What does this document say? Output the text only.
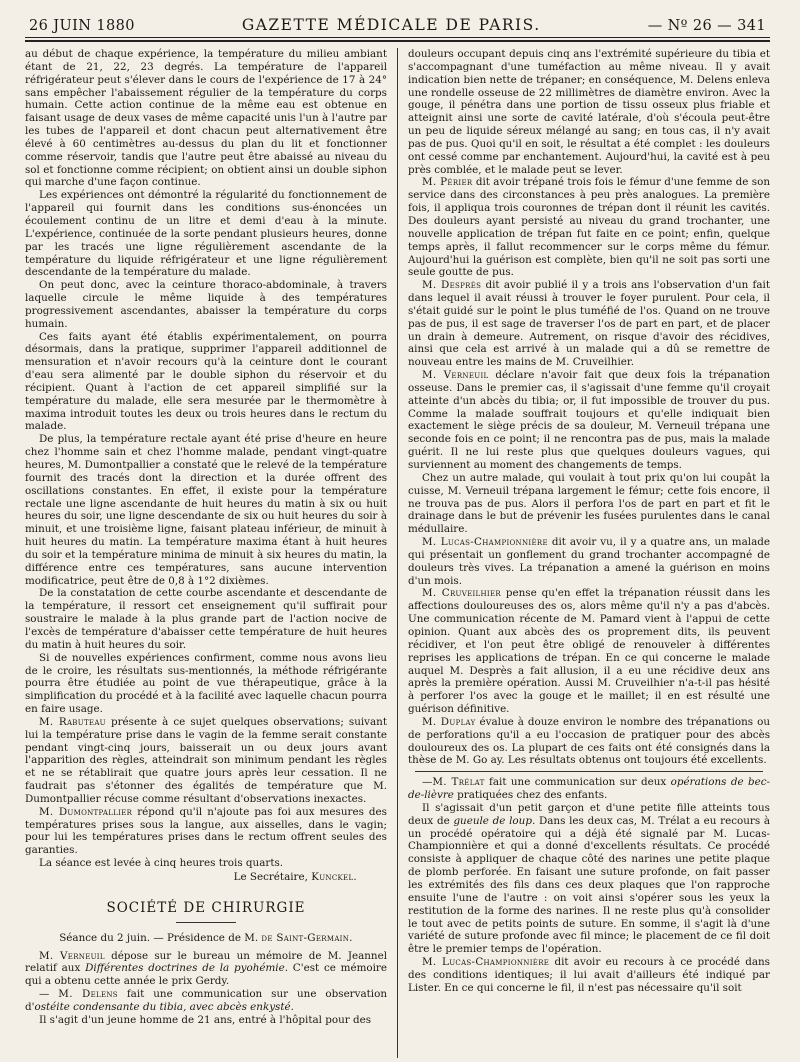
26 JUIN 1880	GAZETTE MÉDICALE DE PARIS.	— Nº 26 — 341

au début de chaque expérience, la température du milieu ambiant étant de 21, 22, 23 degrés. La température de l'appareil réfrigérateur peut s'élever dans le cours de l'expérience de 17 à 24° sans empêcher l'abaissement régulier de la température du corps humain. Cette action continue de la même eau est obtenue en faisant usage de deux vases de même capacité unis l'un à l'autre par les tubes de l'appareil et dont chacun peut alternativement être élevé à 60 centimètres au-dessus du plan du lit et fonctionner comme réservoir, tandis que l'autre peut être abaissé au niveau du sol et fonctionne comme récipient; on obtient ainsi un double siphon qui marche d'une façon continue.

Les expériences ont démontré la régularité du fonctionnement de l'appareil qui fournit dans les conditions sus-énoncées un écoulement continu de un litre et demi d'eau à la minute. L'expérience, continuée de la sorte pendant plusieurs heures, donne par les tracés une ligne régulièrement ascendante de la température du liquide réfrigérateur et une ligne régulièrement descendante de la température du malade.

On peut donc, avec la ceinture thoraco-abdominale, à travers laquelle circule le même liquide à des températures progressivement ascendantes, abaisser la température du corps humain.

Ces faits ayant été établis expérimentalement, on pourra désormais, dans la pratique, supprimer l'appareil additionnel de mensuration et n'avoir recours qu'à la ceinture dont le courant d'eau sera alimenté par le double siphon du réservoir et du récipient. Quant à l'action de cet appareil simplifié sur la température du malade, elle sera mesurée par le thermomètre à maxima introduit toutes les deux ou trois heures dans le rectum du malade.

De plus, la température rectale ayant été prise d'heure en heure chez l'homme sain et chez l'homme malade, pendant vingt-quatre heures, M. Dumontpallier a constaté que le relevé de la température fournit des tracés dont la direction et la durée offrent des oscillations constantes. En effet, il existe pour la température rectale une ligne ascendante de huit heures du matin à six ou huit heures du soir, une ligne descendante de six ou huit heures du soir à minuit, et une troisième ligne, faisant plateau inférieur, de minuit à huit heures du matin. La température maxima étant à huit heures du soir et la température minima de minuit à six heures du matin, la différence entre ces températures, sans aucune intervention modificatrice, peut être de 0,8 à 1°2 dixièmes.

De la constatation de cette courbe ascendante et descendante de la température, il ressort cet enseignement qu'il suffirait pour soustraire le malade à la plus grande part de l'action nocive de l'excès de température d'abaisser cette température de huit heures du matin à huit heures du soir.

Si de nouvelles expériences confirment, comme nous avons lieu de le croire, les résultats sus-mentionnés, la méthode réfrigérante pourra être étudiée au point de vue thérapeutique, grâce à la simplification du procédé et à la facilité avec laquelle chacun pourra en faire usage.

M. Rabuteau présente à ce sujet quelques observations; suivant lui la température prise dans le vagin de la femme serait constante pendant vingt-cinq jours, baisserait un ou deux jours avant l'apparition des règles, atteindrait son minimum pendant les règles et ne se rétablirait que quatre jours après leur cessation. Il ne faudrait pas s'étonner des égalités de température que M. Dumontpallier récuse comme résultant d'observations inexactes.

M. Dumontpallier répond qu'il n'ajoute pas foi aux mesures des températures prises sous la langue, aux aisselles, dans le vagin; pour lui les températures prises dans le rectum offrent seules des garanties.

La séance est levée à cinq heures trois quarts.

Le Secrétaire, Kunckel.

SOCIÉTÉ DE CHIRURGIE

Séance du 2 juin. — Présidence de M. de Saint-Germain.

M. Verneuil dépose sur le bureau un mémoire de M. Jeannel relatif aux Différentes doctrines de la pyohémie. C'est ce mémoire qui a obtenu cette année le prix Gerdy.

— M. Delens fait une communication sur une observation d'ostéite condensante du tibia, avec abcès enkysté.

Il s'agit d'un jeune homme de 21 ans, entré à l'hôpital pour des

douleurs occupant depuis cinq ans l'extrémité supérieure du tibia et s'accompagnant d'une tuméfaction au même niveau. Il y avait indication bien nette de trépaner; en conséquence, M. Delens enleva une rondelle osseuse de 22 millimètres de diamètre environ. Avec la gouge, il pénétra dans une portion de tissu osseux plus friable et atteignit ainsi une sorte de cavité latérale, d'où s'écoula peut-être un peu de liquide séreux mélangé au sang; en tous cas, il n'y avait pas de pus. Quoi qu'il en soit, le résultat a été complet : les douleurs ont cessé comme par enchantement. Aujourd'hui, la cavité est à peu près comblée, et le malade peut se lever.

M. Périer dit avoir trépané trois fois le fémur d'une femme de son service dans des circonstances à peu près analogues. La première fois, il appliqua trois couronnes de trépan dont il réunit les cavités. Des douleurs ayant persisté au niveau du grand trochanter, une nouvelle application de trépan fut faite en ce point; enfin, quelque temps après, il fallut recommencer sur le corps même du fémur. Aujourd'hui la guérison est complète, bien qu'il ne soit pas sorti une seule goutte de pus.

M. Desprès dit avoir publié il y a trois ans l'observation d'un fait dans lequel il avait réussi à trouver le foyer purulent. Pour cela, il s'était guidé sur le point le plus tuméfié de l'os. Quand on ne trouve pas de pus, il est sage de traverser l'os de part en part, et de placer un drain à demeure. Autrement, on risque d'avoir des récidives, ainsi que cela est arrivé à un malade qui a dû se remettre de nouveau entre les mains de M. Cruveilhier.

M. Verneuil déclare n'avoir fait que deux fois la trépanation osseuse. Dans le premier cas, il s'agissait d'une femme qu'il croyait atteinte d'un abcès du tibia; or, il fut impossible de trouver du pus. Comme la malade souffrait toujours et qu'elle indiquait bien exactement le siège précis de sa douleur, M. Verneuil trépana une seconde fois en ce point; il ne rencontra pas de pus, mais la malade guérit. Il ne lui reste plus que quelques douleurs vagues, qui surviennent au moment des changements de temps.

Chez un autre malade, qui voulait à tout prix qu'on lui coupât la cuisse, M. Verneuil trépana largement le fémur; cette fois encore, il ne trouva pas de pus. Alors il perfora l'os de part en part et fit le drainage dans le but de prévenir les fusées purulentes dans le canal médullaire.

M. Lucas-Championnière dit avoir vu, il y a quatre ans, un malade qui présentait un gonflement du grand trochanter accompagné de douleurs très vives. La trépanation a amené la guérison en moins d'un mois.

M. Cruveilhier pense qu'en effet la trépanation réussit dans les affections douloureuses des os, alors même qu'il n'y a pas d'abcès. Une communication récente de M. Pamard vient à l'appui de cette opinion. Quant aux abcès des os proprement dits, ils peuvent récidiver, et l'on peut être obligé de renouveler à différentes reprises les applications de trépan. En ce qui concerne le malade auquel M. Desprès a fait allusion, il a eu une récidive deux ans après la première opération. Aussi M. Cruveilhier n'a-t-il pas hésité à perforer l'os avec la gouge et le maillet; il en est résulté une guérison définitive.

M. Duplay évalue à douze environ le nombre des trépanations ou de perforations qu'il a eu l'occasion de pratiquer pour des abcès douloureux des os. La plupart de ces faits ont été consignés dans la thèse de M. Go ay. Les résultats obtenus ont toujours été excellents.

—M. Trélat fait une communication sur deux opérations de bec-de-lièvre pratiquées chez des enfants.

Il s'agissait d'un petit garçon et d'une petite fille atteints tous deux de gueule de loup. Dans les deux cas, M. Trélat a eu recours à un procédé opératoire qui a déjà été signalé par M. Lucas-Championnière et qui a donné d'excellents résultats. Ce procédé consiste à appliquer de chaque côté des narines une petite plaque de plomb perforée. En faisant une suture profonde, on fait passer les extrémités des fils dans ces deux plaques que l'on rapproche ensuite l'une de l'autre : on voit ainsi s'opérer sous les yeux la restitution de la forme des narines. Il ne reste plus qu'à consolider le tout avec de petits points de suture. En somme, il s'agit là d'une variété de suture profonde avec fil mince; le placement de ce fil doit être le premier temps de l'opération.

M. Lucas-Championnière dit avoir eu recours à ce procédé dans des conditions identiques; il lui avait d'ailleurs été indiqué par Lister. En ce qui concerne le fil, il n'est pas nécessaire qu'il soit
